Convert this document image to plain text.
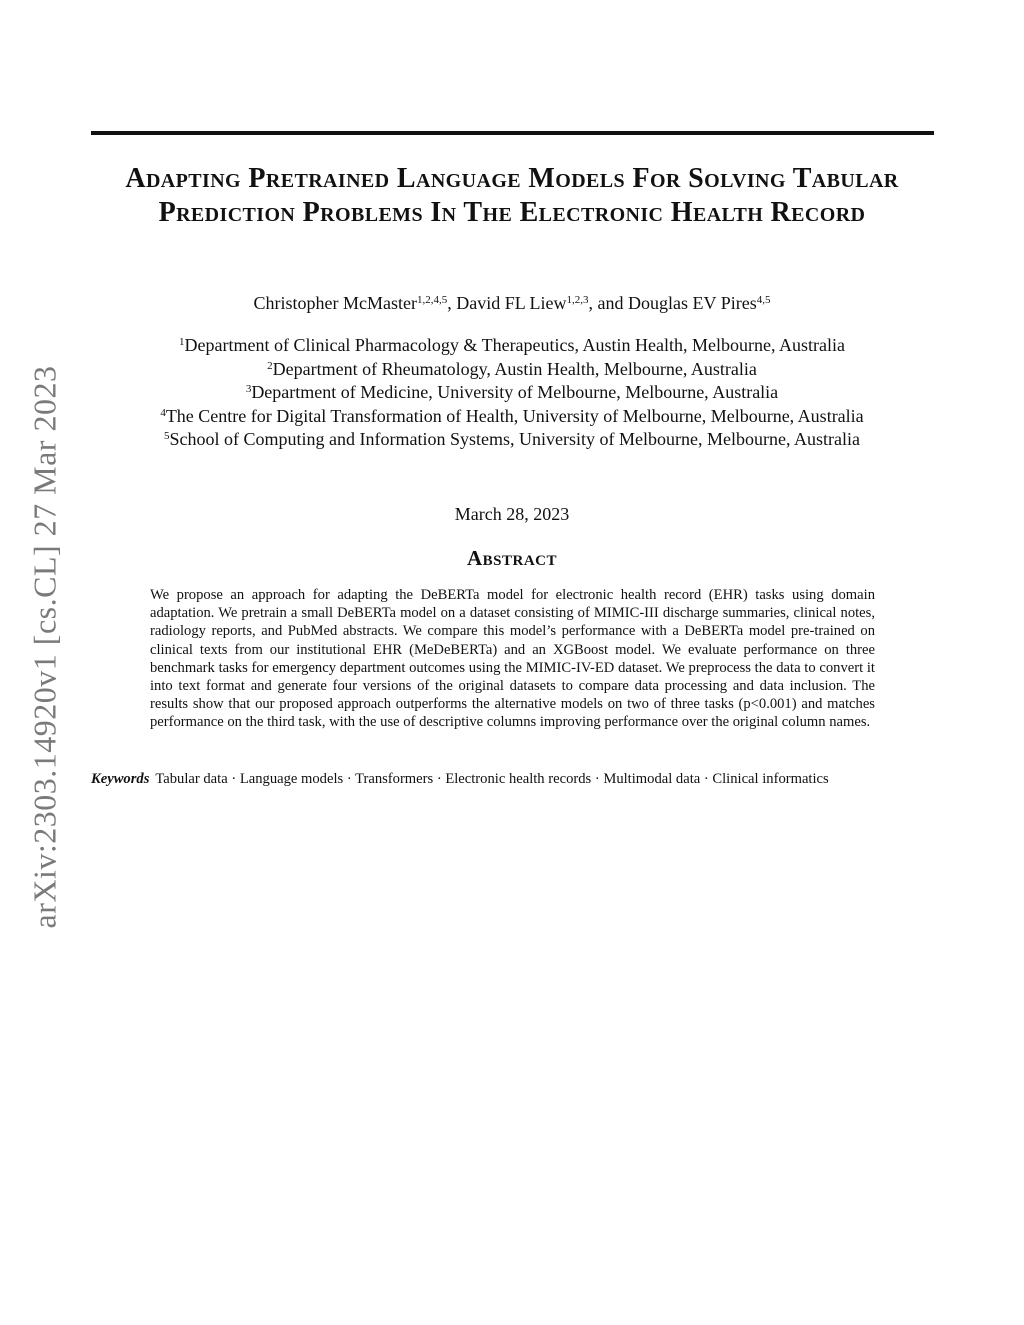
arXiv:2303.14920v1 [cs.CL] 27 Mar 2023
Adapting Pretrained Language Models For Solving Tabular Prediction Problems In The Electronic Health Record
Christopher McMaster$^{1,2,4,5}$, David FL Liew$^{1,2,3}$, and Douglas EV Pires$^{4,5}$
$^1$Department of Clinical Pharmacology & Therapeutics, Austin Health, Melbourne, Australia
$^2$Department of Rheumatology, Austin Health, Melbourne, Australia
$^3$Department of Medicine, University of Melbourne, Melbourne, Australia
$^4$The Centre for Digital Transformation of Health, University of Melbourne, Melbourne, Australia
$^5$School of Computing and Information Systems, University of Melbourne, Melbourne, Australia
March 28, 2023
Abstract
We propose an approach for adapting the DeBERTa model for electronic health record (EHR) tasks using domain adaptation. We pretrain a small DeBERTa model on a dataset consisting of MIMIC-III discharge summaries, clinical notes, radiology reports, and PubMed abstracts. We compare this model’s performance with a DeBERTa model pre-trained on clinical texts from our institutional EHR (MeDeBERTa) and an XGBoost model. We evaluate performance on three benchmark tasks for emergency department outcomes using the MIMIC-IV-ED dataset. We preprocess the data to convert it into text format and generate four versions of the original datasets to compare data processing and data inclusion. The results show that our proposed approach outperforms the alternative models on two of three tasks (p<0.001) and matches performance on the third task, with the use of descriptive columns improving performance over the original column names.
Keywords Tabular data · Language models · Transformers · Electronic health records · Multimodal data · Clinical informatics
